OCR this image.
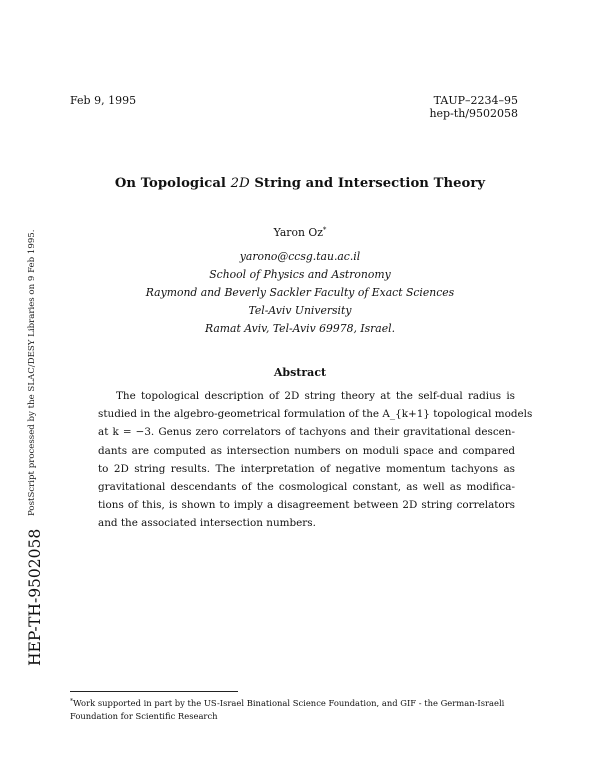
Feb 9, 1995	TAUP–2234–95
hep-th/9502058
On Topological 2D String and Intersection Theory
Yaron Oz*
yarono@ccsg.tau.ac.il
School of Physics and Astronomy
Raymond and Beverly Sackler Faculty of Exact Sciences
Tel-Aviv University
Ramat Aviv, Tel-Aviv 69978, Israel.
Abstract
The topological description of 2D string theory at the self-dual radius is
studied in the algebro-geometrical formulation of the A_{k+1} topological models
at k = −3. Genus zero correlators of tachyons and their gravitational descen-
dants are computed as intersection numbers on moduli space and compared
to 2D string results. The interpretation of negative momentum tachyons as
gravitational descendants of the cosmological constant, as well as modifica-
tions of this, is shown to imply a disagreement between 2D string correlators
and the associated intersection numbers.
PostScript processed by the SLAC/DESY Libraries on 9 Feb 1995.
HEP-TH-9502058
*Work supported in part by the US-Israel Binational Science Foundation, and GIF - the German-Israeli
Foundation for Scientific Research
